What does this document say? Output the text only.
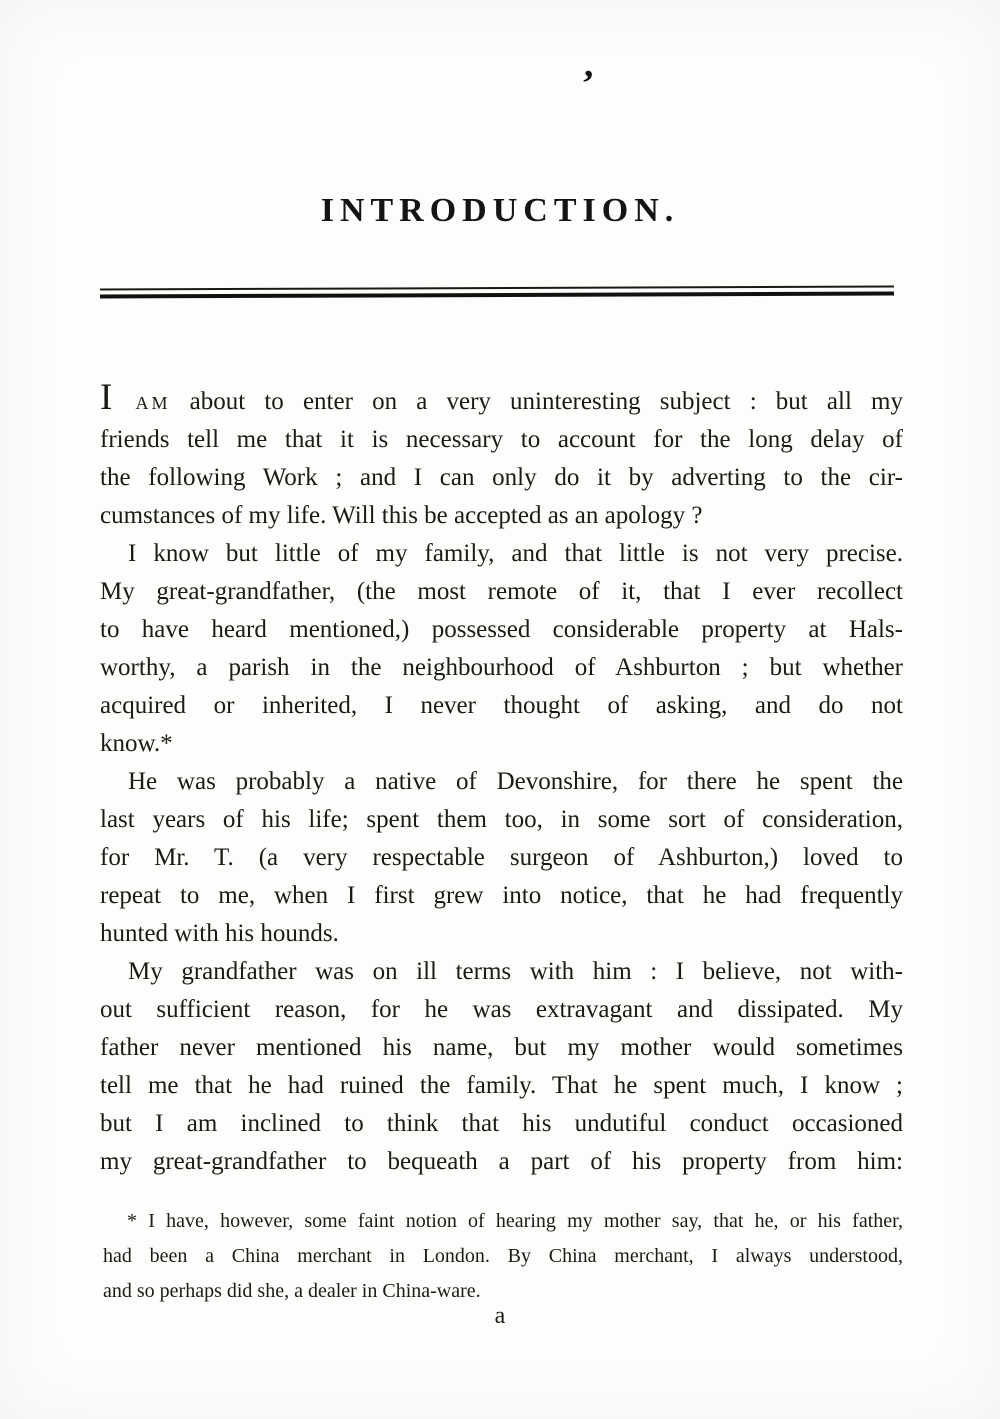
’
INTRODUCTION.

I AM about to enter on a very uninteresting subject : but all my
friends tell me that it is necessary to account for the long delay of
the following Work ; and I can only do it by adverting to the cir-
cumstances of my life. Will this be accepted as an apology ?

I know but little of my family, and that little is not very precise.
My great-grandfather, (the most remote of it, that I ever recollect
to have heard mentioned,) possessed considerable property at Hals-
worthy, a parish in the neighbourhood of Ashburton ; but whether
acquired or inherited, I never thought of asking, and do not
know.*

He was probably a native of Devonshire, for there he spent the
last years of his life; spent them too, in some sort of consideration,
for Mr. T. (a very respectable surgeon of Ashburton,) loved to
repeat to me, when I first grew into notice, that he had frequently
hunted with his hounds.

My grandfather was on ill terms with him : I believe, not with-
out sufficient reason, for he was extravagant and dissipated. My
father never mentioned his name, but my mother would sometimes
tell me that he had ruined the family. That he spent much, I know ;
but I am inclined to think that his undutiful conduct occasioned
my great-grandfather to bequeath a part of his property from him:

* I have, however, some faint notion of hearing my mother say, that he, or his father,
had been a China merchant in London. By China merchant, I always understood,
and so perhaps did she, a dealer in China-ware.
a
